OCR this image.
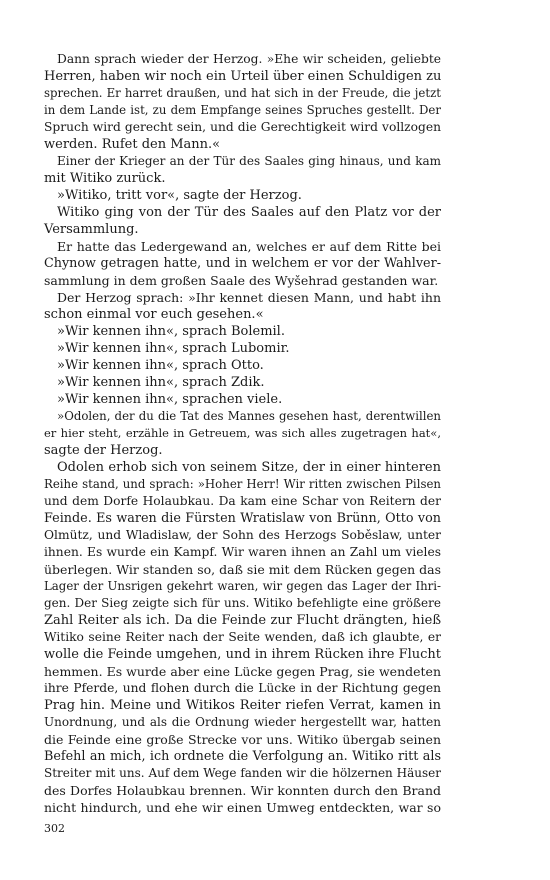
Dann sprach wieder der Herzog. »Ehe wir scheiden, geliebte
Herren, haben wir noch ein Urteil über einen Schuldigen zu
sprechen. Er harret draußen, und hat sich in der Freude, die jetzt
in dem Lande ist, zu dem Empfange seines Spruches gestellt. Der
Spruch wird gerecht sein, und die Gerechtigkeit wird vollzogen
werden. Rufet den Mann.«
Einer der Krieger an der Tür des Saales ging hinaus, und kam
mit Witiko zurück.
»Witiko, tritt vor«, sagte der Herzog.
Witiko ging von der Tür des Saales auf den Platz vor der
Versammlung.
Er hatte das Ledergewand an, welches er auf dem Ritte bei
Chynow getragen hatte, und in welchem er vor der Wahlver-
sammlung in dem großen Saale des Wyšehrad gestanden war.
Der Herzog sprach: »Ihr kennet diesen Mann, und habt ihn
schon einmal vor euch gesehen.«
»Wir kennen ihn«, sprach Bolemil.
»Wir kennen ihn«, sprach Lubomir.
»Wir kennen ihn«, sprach Otto.
»Wir kennen ihn«, sprach Zdik.
»Wir kennen ihn«, sprachen viele.
»Odolen, der du die Tat des Mannes gesehen hast, derentwillen
er hier steht, erzähle in Getreuem, was sich alles zugetragen hat«,
sagte der Herzog.
Odolen erhob sich von seinem Sitze, der in einer hinteren
Reihe stand, und sprach: »Hoher Herr! Wir ritten zwischen Pilsen
und dem Dorfe Holaubkau. Da kam eine Schar von Reitern der
Feinde. Es waren die Fürsten Wratislaw von Brünn, Otto von
Olmütz, und Wladislaw, der Sohn des Herzogs Soběslaw, unter
ihnen. Es wurde ein Kampf. Wir waren ihnen an Zahl um vieles
überlegen. Wir standen so, daß sie mit dem Rücken gegen das
Lager der Unsrigen gekehrt waren, wir gegen das Lager der Ihri-
gen. Der Sieg zeigte sich für uns. Witiko befehligte eine größere
Zahl Reiter als ich. Da die Feinde zur Flucht drängten, hieß
Witiko seine Reiter nach der Seite wenden, daß ich glaubte, er
wolle die Feinde umgehen, und in ihrem Rücken ihre Flucht
hemmen. Es wurde aber eine Lücke gegen Prag, sie wendeten
ihre Pferde, und flohen durch die Lücke in der Richtung gegen
Prag hin. Meine und Witikos Reiter riefen Verrat, kamen in
Unordnung, und als die Ordnung wieder hergestellt war, hatten
die Feinde eine große Strecke vor uns. Witiko übergab seinen
Befehl an mich, ich ordnete die Verfolgung an. Witiko ritt als
Streiter mit uns. Auf dem Wege fanden wir die hölzernen Häuser
des Dorfes Holaubkau brennen. Wir konnten durch den Brand
nicht hindurch, und ehe wir einen Umweg entdeckten, war so
302
